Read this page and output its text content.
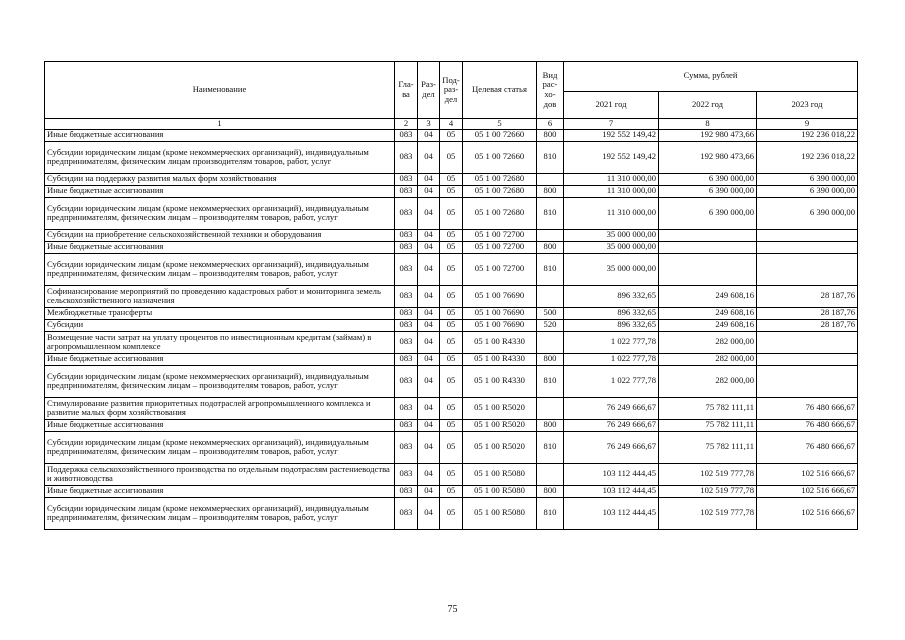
Наименование	Гла-ва	Раз-дел	Под-раз-дел	Целевая статья	Вид рас-хо-дов	Сумма, рублей		
						2021 год	2022 год	2023 год
1	2	3	4	5	6	7	8	9
Иные бюджетные ассигнования	083	04	05	05 1 00 72660	800	192 552 149,42	192 980 473,66	192 236 018,22
Субсидии юридическим лицам (кроме некоммерческих организаций), индивидуальным предпринимателям, физическим лицам производителям товаров, работ, услуг	083	04	05	05 1 00 72660	810	192 552 149,42	192 980 473,66	192 236 018,22
Субсидии на поддержку развития малых форм хозяйствования	083	04	05	05 1 00 72680		11 310 000,00	6 390 000,00	6 390 000,00
Иные бюджетные ассигнования	083	04	05	05 1 00 72680	800	11 310 000,00	6 390 000,00	6 390 000,00
Субсидии юридическим лицам (кроме некоммерческих организаций), индивидуальным предпринимателям, физическим лицам – производителям товаров, работ, услуг	083	04	05	05 1 00 72680	810	11 310 000,00	6 390 000,00	6 390 000,00
Субсидии на приобретение сельскохозяйственной техники и оборудования	083	04	05	05 1 00 72700		35 000 000,00		
Иные бюджетные ассигнования	083	04	05	05 1 00 72700	800	35 000 000,00		
Субсидии юридическим лицам (кроме некоммерческих организаций), индивидуальным предпринимателям, физическим лицам – производителям товаров, работ, услуг	083	04	05	05 1 00 72700	810	35 000 000,00		
Софинансирование мероприятий по проведению кадастровых работ и мониторинга земель сельскохозяйственного назначения	083	04	05	05 1 00 76690		896 332,65	249 608,16	28 187,76
Межбюджетные трансферты	083	04	05	05 1 00 76690	500	896 332,65	249 608,16	28 187,76
Субсидии	083	04	05	05 1 00 76690	520	896 332,65	249 608,16	28 187,76
Возмещение части затрат на уплату процентов по инвестиционным кредитам (займам) в агропромышленном комплексе	083	04	05	05 1 00 R4330		1 022 777,78	282 000,00	
Иные бюджетные ассигнования	083	04	05	05 1 00 R4330	800	1 022 777,78	282 000,00	
Субсидии юридическим лицам (кроме некоммерческих организаций), индивидуальным предпринимателям, физическим лицам – производителям товаров, работ, услуг	083	04	05	05 1 00 R4330	810	1 022 777,78	282 000,00	
Стимулирование развития приоритетных подотраслей агропромышленного комплекса и развитие малых форм хозяйствования	083	04	05	05 1 00 R5020		76 249 666,67	75 782 111,11	76 480 666,67
Иные бюджетные ассигнования	083	04	05	05 1 00 R5020	800	76 249 666,67	75 782 111,11	76 480 666,67
Субсидии юридическим лицам (кроме некоммерческих организаций), индивидуальным предпринимателям, физическим лицам – производителям товаров, работ, услуг	083	04	05	05 1 00 R5020	810	76 249 666,67	75 782 111,11	76 480 666,67
Поддержка сельскохозяйственного производства по отдельным подотраслям растениеводства и животноводства	083	04	05	05 1 00 R5080		103 112 444,45	102 519 777,78	102 516 666,67
Иные бюджетные ассигнования	083	04	05	05 1 00 R5080	800	103 112 444,45	102 519 777,78	102 516 666,67
Субсидии юридическим лицам (кроме некоммерческих организаций), индивидуальным предпринимателям, физическим лицам – производителям товаров, работ, услуг	083	04	05	05 1 00 R5080	810	103 112 444,45	102 519 777,78	102 516 666,67
75
